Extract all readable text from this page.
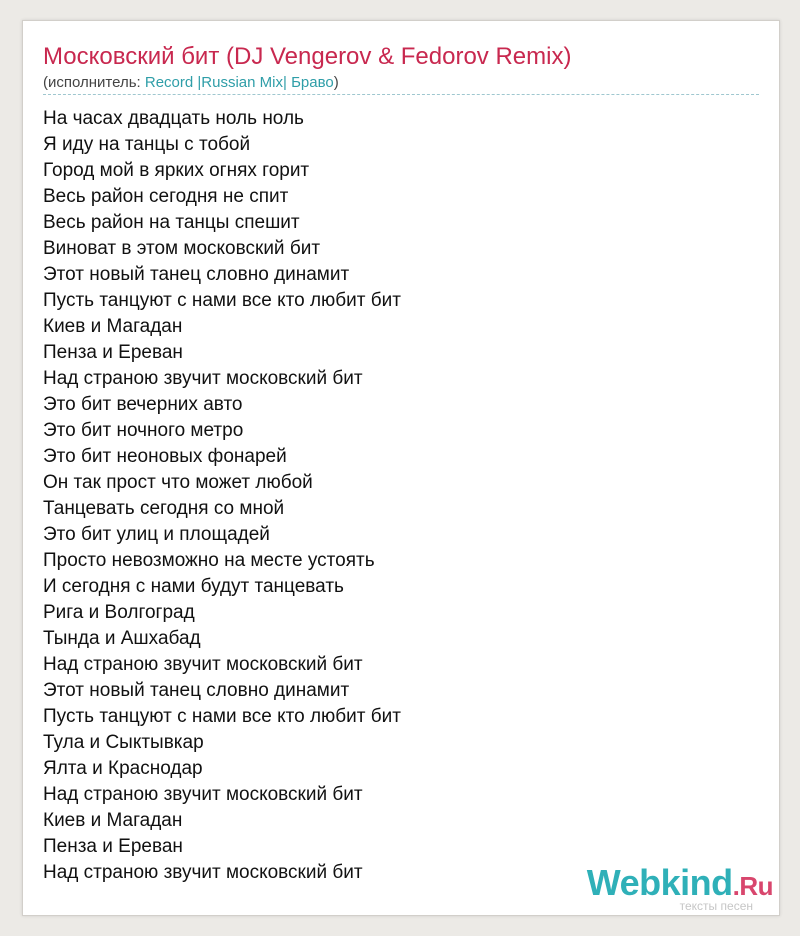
Московский бит (DJ Vengerov & Fedorov Remix)
(исполнитель: Record |Russian Mix| Браво)
На часах двадцать ноль ноль
Я иду на танцы с тобой
Город мой в ярких огнях горит
Весь район сегодня не спит
Весь район на танцы спешит
Виноват в этом московский бит
Этот новый танец словно динамит
Пусть танцуют с нами все кто любит бит
Киев и Магадан
Пенза и Ереван
Над страною звучит московский бит
Это бит вечерних авто
Это бит ночного метро
Это бит неоновых фонарей
Он так прост что может любой
Танцевать сегодня со мной
Это бит улиц и площадей
Просто невозможно на месте устоять
И сегодня с нами будут танцевать
Рига и Волгоград
Тында и Ашхабад
Над страною звучит московский бит
Этот новый танец словно динамит
Пусть танцуют с нами все кто любит бит
Тула и Сыктывкар
Ялта и Краснодар
Над страною звучит московский бит
Киев и Магадан
Пенза и Ереван
Над страною звучит московский бит	Webkind.Ru
тексты песен
